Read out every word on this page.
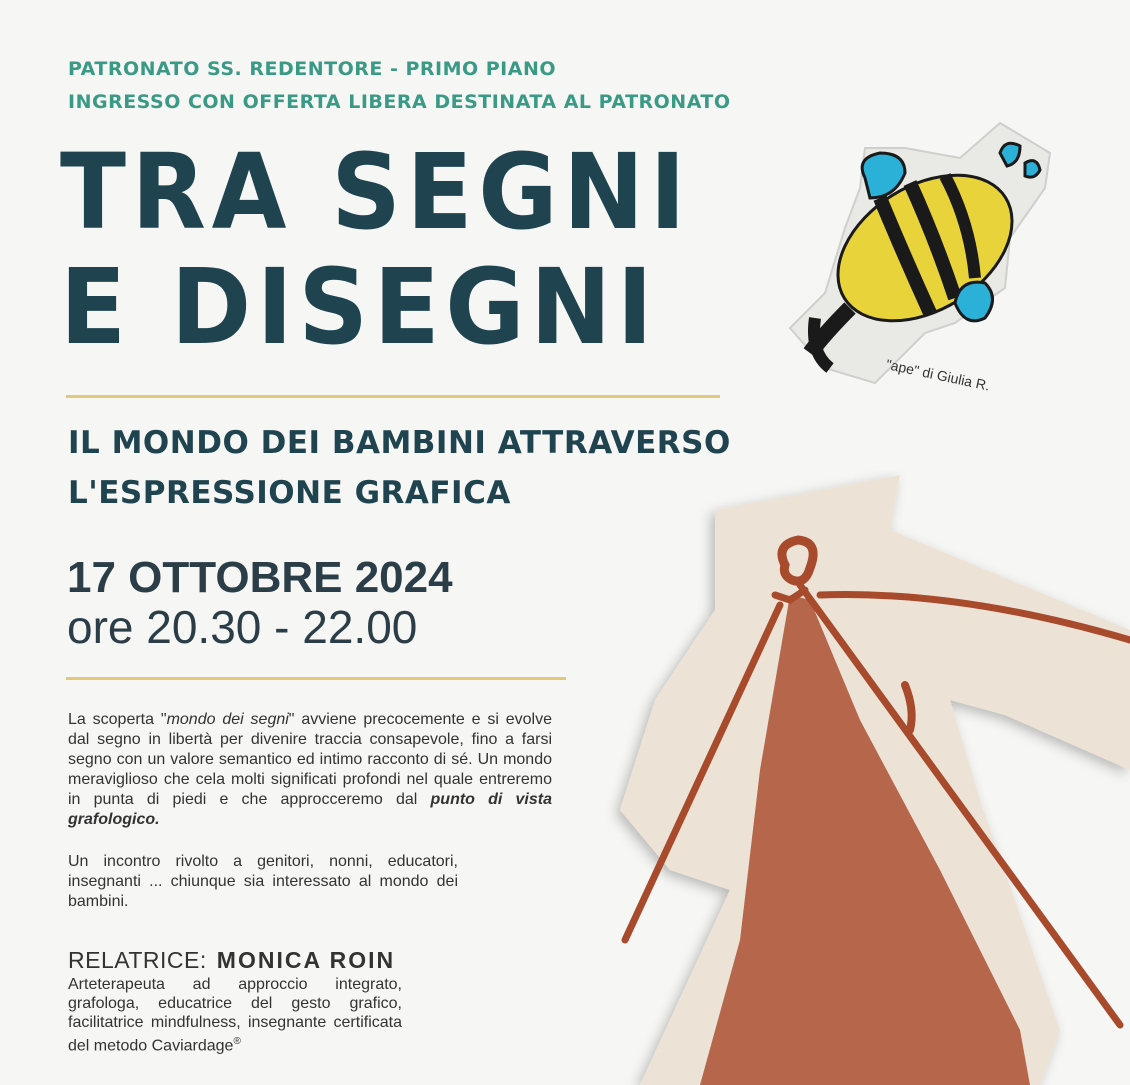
PATRONATO SS. REDENTORE - PRIMO PIANO
INGRESSO CON OFFERTA LIBERA DESTINATA AL PATRONATO
TRA SEGNI
E DISEGNI
IL MONDO DEI BAMBINI ATTRAVERSO
L'ESPRESSIONE GRAFICA
17 OTTOBRE 2024
ore 20.30 - 22.00
"ape" di Giulia R.
La scoperta "mondo dei segni" avviene precocemente e si evolve dal segno in libertà per divenire traccia consapevole, fino a farsi segno con un valore semantico ed intimo racconto di sé. Un mondo meraviglioso che cela molti significati profondi nel quale entreremo in punta di piedi e che approcceremo dal punto di vista grafologico.
Un incontro rivolto a genitori, nonni, educatori, insegnanti ... chiunque sia interessato al mondo dei bambini.
RELATRICE: MONICA ROIN
Arteterapeuta ad approccio integrato, grafologa, educatrice del gesto grafico, facilitatrice mindfulness, insegnante certificata del metodo Caviardage®
